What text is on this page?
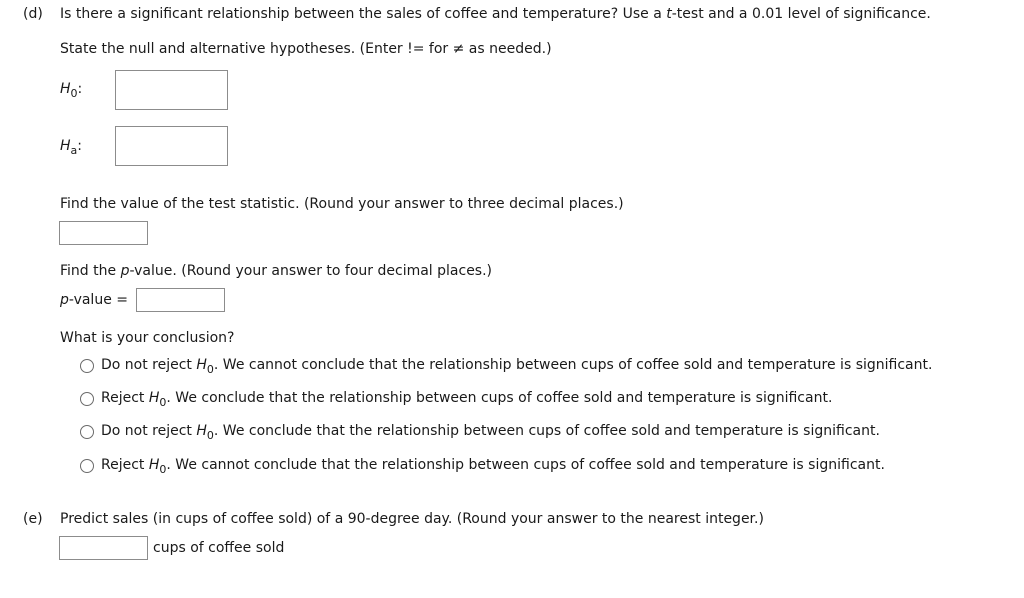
(d) Is there a significant relationship between the sales of coffee and temperature? Use a t-test and a 0.01 level of significance.
State the null and alternative hypotheses. (Enter != for ≠ as needed.)
$H_0$:
$H_a$:
Find the value of the test statistic. (Round your answer to three decimal places.)
Find the p-value. (Round your answer to four decimal places.)
p-value =
What is your conclusion?
Do not reject $H_0$. We cannot conclude that the relationship between cups of coffee sold and temperature is significant.
Reject $H_0$. We conclude that the relationship between cups of coffee sold and temperature is significant.
Do not reject $H_0$. We conclude that the relationship between cups of coffee sold and temperature is significant.
Reject $H_0$. We cannot conclude that the relationship between cups of coffee sold and temperature is significant.
(e) Predict sales (in cups of coffee sold) of a 90-degree day. (Round your answer to the nearest integer.)
cups of coffee sold
